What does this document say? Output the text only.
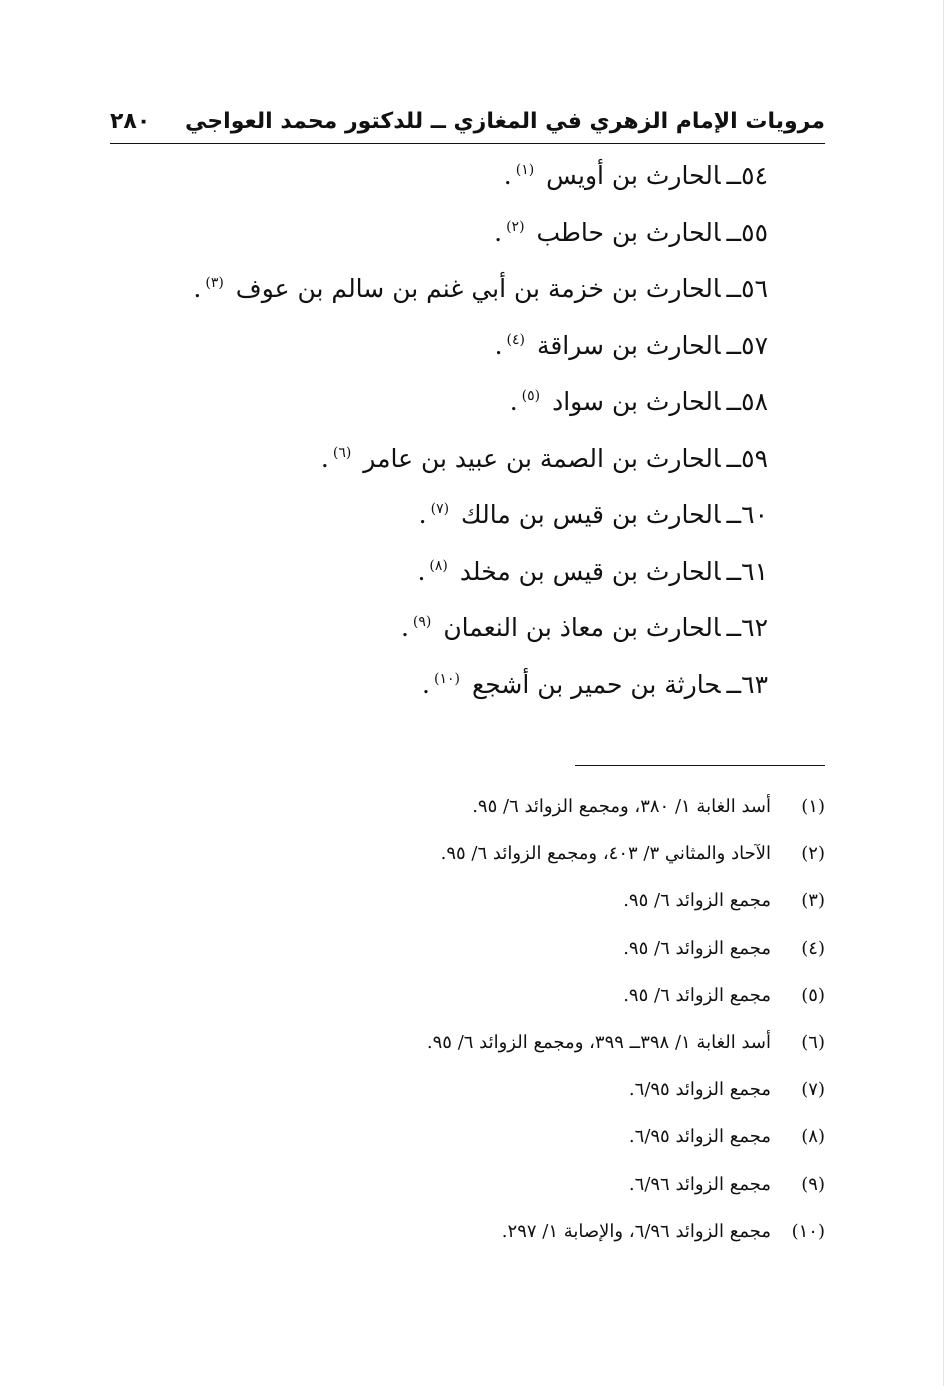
مرويات الإمام الزهري في المغازي ــ للدكتور محمد العواجي
٢٨٠
٥٤ــالحارث بن أويس $^{(١)}$.
٥٥ــالحارث بن حاطب $^{(٢)}$.
٥٦ــالحارث بن خزمة بن أبي غنم بن سالم بن عوف $^{(٣)}$.
٥٧ــالحارث بن سراقة $^{(٤)}$.
٥٨ــالحارث بن سواد $^{(٥)}$.
٥٩ــالحارث بن الصمة بن عبيد بن عامر $^{(٦)}$.
٦٠ــالحارث بن قيس بن مالك $^{(٧)}$.
٦١ــالحارث بن قيس بن مخلد $^{(٨)}$.
٦٢ــالحارث بن معاذ بن النعمان $^{(٩)}$.
٦٣ــحارثة بن حمير بن أشجع $^{(١٠)}$.
(١)أسد الغابة ١/ ٣٨٠، ومجمع الزوائد ٦/ ٩٥.
(٢)الآحاد والمثاني ٣/ ٤٠٣، ومجمع الزوائد ٦/ ٩٥.
(٣)مجمع الزوائد ٦/ ٩٥.
(٤)مجمع الزوائد ٦/ ٩٥.
(٥)مجمع الزوائد ٦/ ٩٥.
(٦)أسد الغابة ١/ ٣٩٨ــ ٣٩٩، ومجمع الزوائد ٦/ ٩٥.
(٧)مجمع الزوائد ٦/٩٥.
(٨)مجمع الزوائد ٦/٩٥.
(٩)مجمع الزوائد ٦/٩٦.
(١٠)مجمع الزوائد ٦/٩٦، والإصابة ١/ ٢٩٧.
